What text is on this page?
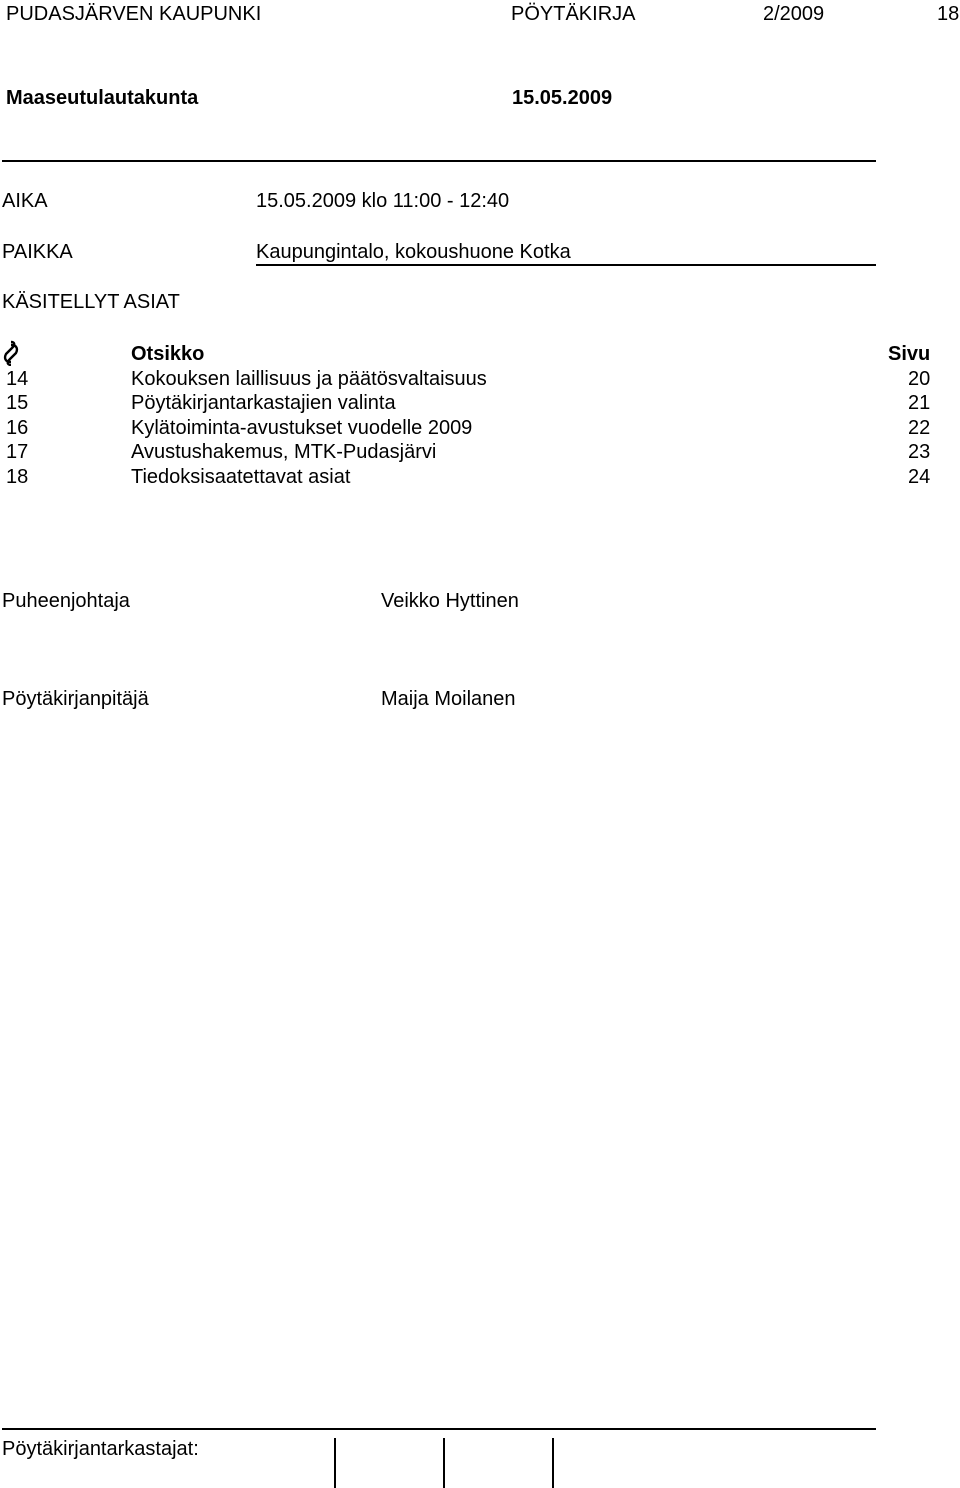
PUDASJÄRVEN KAUPUNKI	PÖYTÄKIRJA	2/2009	18
Maaseutulautakunta	15.05.2009
AIKA	15.05.2009 klo 11:00 - 12:40
PAIKKA	Kaupungintalo, kokoushuone Kotka
KÄSITELLYT ASIAT
Otsikko	Sivu
14	Kokouksen laillisuus ja päätösvaltaisuus	20
15	Pöytäkirjantarkastajien valinta	21
16	Kylätoiminta-avustukset vuodelle 2009	22
17	Avustushakemus, MTK-Pudasjärvi	23
18	Tiedoksisaatettavat asiat	24
Puheenjohtaja	Veikko Hyttinen
Pöytäkirjanpitäjä	Maija Moilanen
Pöytäkirjantarkastajat:
